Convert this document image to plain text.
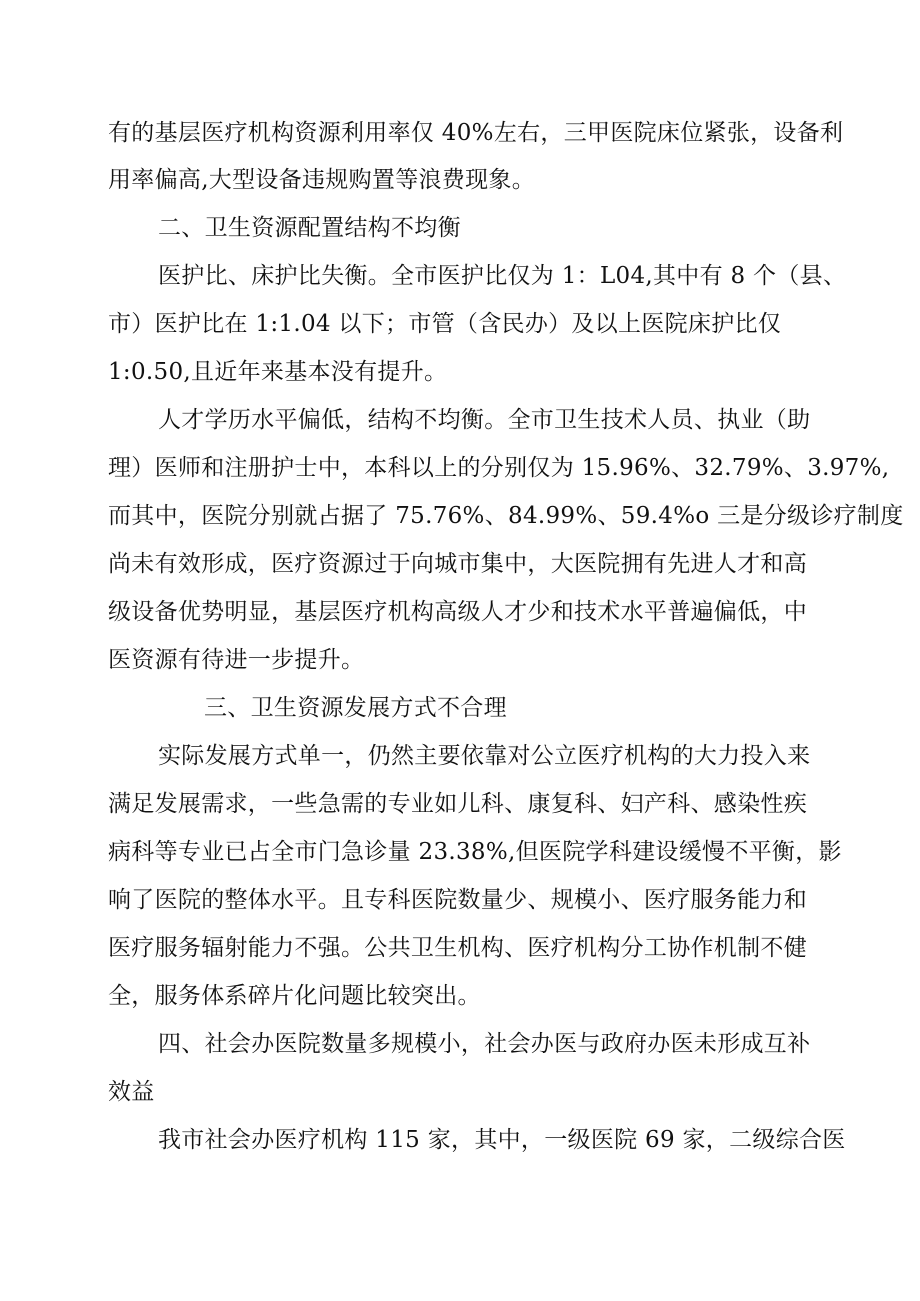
有的基层医疗机构资源利用率仅 40%左右，三甲医院床位紧张，设备利
用率偏高,大型设备违规购置等浪费现象。
二、卫生资源配置结构不均衡
医护比、床护比失衡。全市医护比仅为 1：L04,其中有 8 个（县、
市）医护比在 1:1.04 以下；市管（含民办）及以上医院床护比仅
1:0.50,且近年来基本没有提升。
人才学历水平偏低，结构不均衡。全市卫生技术人员、执业（助
理）医师和注册护士中，本科以上的分别仅为 15.96%、32.79%、3.97%,
而其中，医院分别就占据了 75.76%、84.99%、59.4%o 三是分级诊疗制度
尚未有效形成，医疗资源过于向城市集中，大医院拥有先进人才和高
级设备优势明显，基层医疗机构高级人才少和技术水平普遍偏低，中
医资源有待进一步提升。
三、卫生资源发展方式不合理
实际发展方式单一，仍然主要依靠对公立医疗机构的大力投入来
满足发展需求，一些急需的专业如儿科、康复科、妇产科、感染性疾
病科等专业已占全市门急诊量 23.38%,但医院学科建设缓慢不平衡，影
响了医院的整体水平。且专科医院数量少、规模小、医疗服务能力和
医疗服务辐射能力不强。公共卫生机构、医疗机构分工协作机制不健
全，服务体系碎片化问题比较突出。
四、社会办医院数量多规模小，社会办医与政府办医未形成互补
效益
我市社会办医疗机构 115 家，其中，一级医院 69 家，二级综合医
